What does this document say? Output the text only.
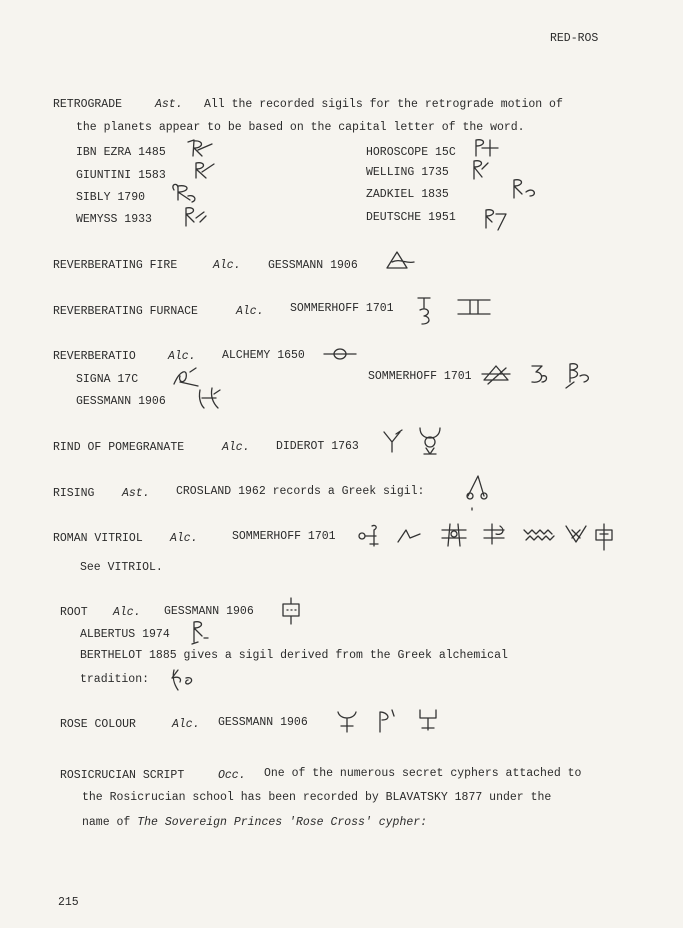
RED-ROS
RETROGRADE	Ast. All the recorded sigils for the retrograde motion of
the planets appear to be based on the capital letter of the word.
IBN EZRA 1485	HOROSCOPE 15C
GIUNTINI 1583	WELLING 1735
SIBLY 1790	ZADKIEL 1835
WEMYSS 1933	DEUTSCHE 1951
REVERBERATING FIRE	Alc. GESSMANN 1906
REVERBERATING FURNACE	Alc. SOMMERHOFF 1701
REVERBERATIO	Alc. ALCHEMY 1650
SIGNA 17C	SOMMERHOFF 1701
GESSMANN 1906
RIND OF POMEGRANATE	Alc. DIDEROT 1763
RISING Ast. CROSLAND 1962 records a Greek sigil:
ROMAN VITRIOL Alc.	SOMMERHOFF 1701
See VITRIOL.
ROOT Alc. GESSMANN 1906
ALBERTUS 1974
BERTHELOT 1885 gives a sigil derived from the Greek alchemical
tradition:
ROSE COLOUR	Alc. GESSMANN 1906
ROSICRUCIAN SCRIPT	Occ. One of the numerous secret cyphers attached to
the Rosicrucian school has been recorded by BLAVATSKY 1877 under the
name of The Sovereign Princes 'Rose Cross' cypher:
215
